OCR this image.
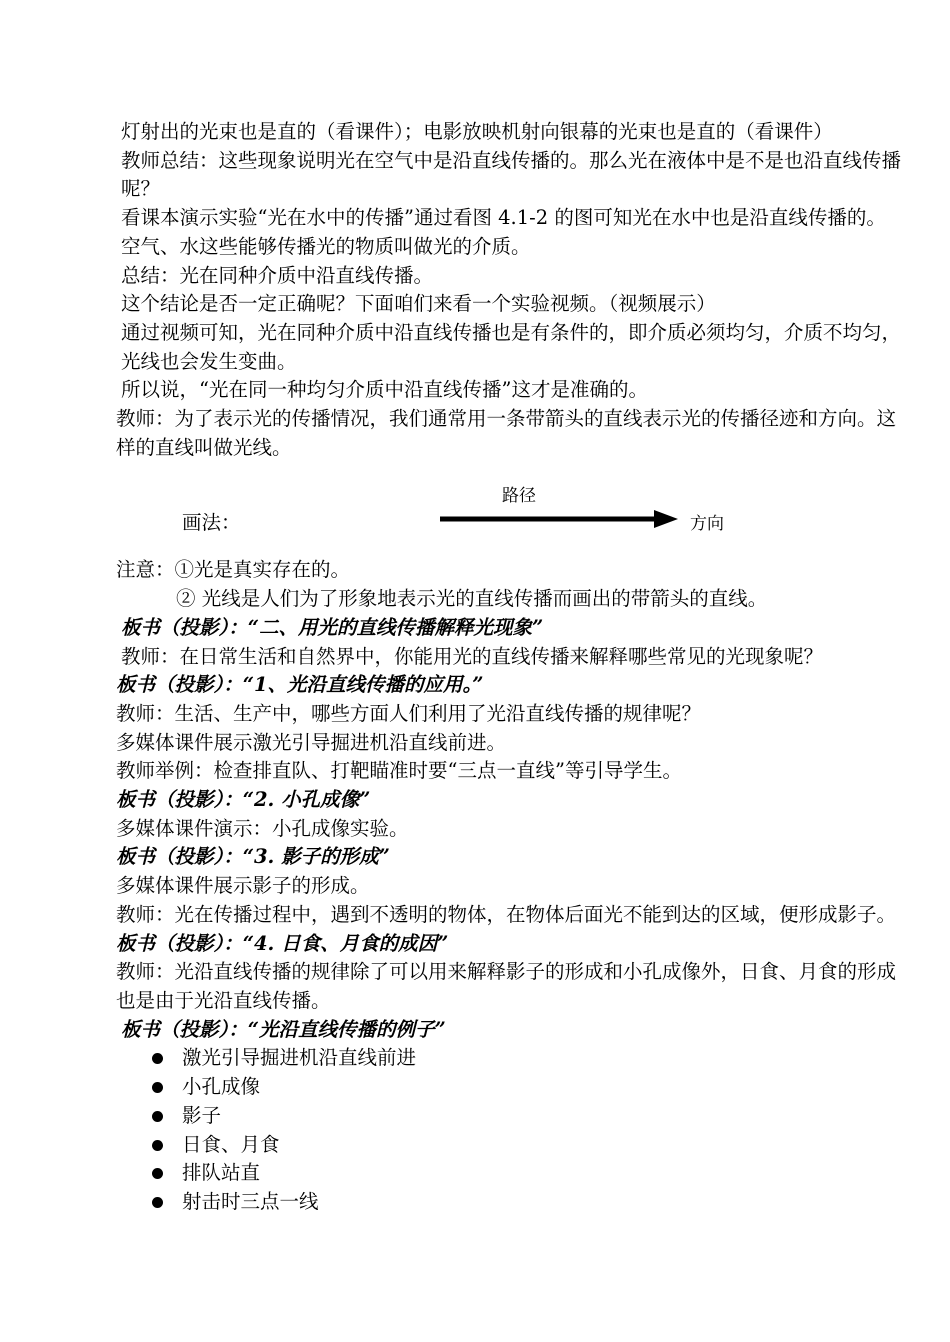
灯射出的光束也是直的（看课件）；电影放映机射向银幕的光束也是直的（看课件）

教师总结：这些现象说明光在空气中是沿直线传播的。那么光在液体中是不是也沿直线传播呢？

看课本演示实验“光在水中的传播”通过看图 4.1-2 的图可知光在水中也是沿直线传播的。

空气、水这些能够传播光的物质叫做光的介质。

总结：光在同种介质中沿直线传播。

这个结论是否一定正确呢？下面咱们来看一个实验视频。（视频展示）

通过视频可知，光在同种介质中沿直线传播也是有条件的，即介质必须均匀，介质不均匀，光线也会发生变曲。

所以说，“光在同一种均匀介质中沿直线传播”这才是准确的。

教师：为了表示光的传播情况，我们通常用一条带箭头的直线表示光的传播径迹和方向。这样的直线叫做光线。

画法：
路径
方向

注意：①光是真实存在的。

② 光线是人们为了形象地表示光的直线传播而画出的带箭头的直线。

板书（投影）：“二、用光的直线传播解释光现象”

教师：在日常生活和自然界中，你能用光的直线传播来解释哪些常见的光现象呢？

板书（投影）：“1、光沿直线传播的应用。”

教师：生活、生产中，哪些方面人们利用了光沿直线传播的规律呢？

多媒体课件展示激光引导掘进机沿直线前进。

教师举例：检查排直队、打靶瞄准时要“三点一直线”等引导学生。

板书（投影）：“2. 小孔成像”

多媒体课件演示：小孔成像实验。

板书（投影）：“3. 影子的形成”

多媒体课件展示影子的形成。

教师：光在传播过程中，遇到不透明的物体，在物体后面光不能到达的区域，便形成影子。

板书（投影）：“4. 日食、月食的成因”

教师：光沿直线传播的规律除了可以用来解释影子的形成和小孔成像外，日食、月食的形成也是由于光沿直线传播。

板书（投影）：“光沿直线传播的例子”

激光引导掘进机沿直线前进
小孔成像
影子
日食、月食
排队站直
射击时三点一线
